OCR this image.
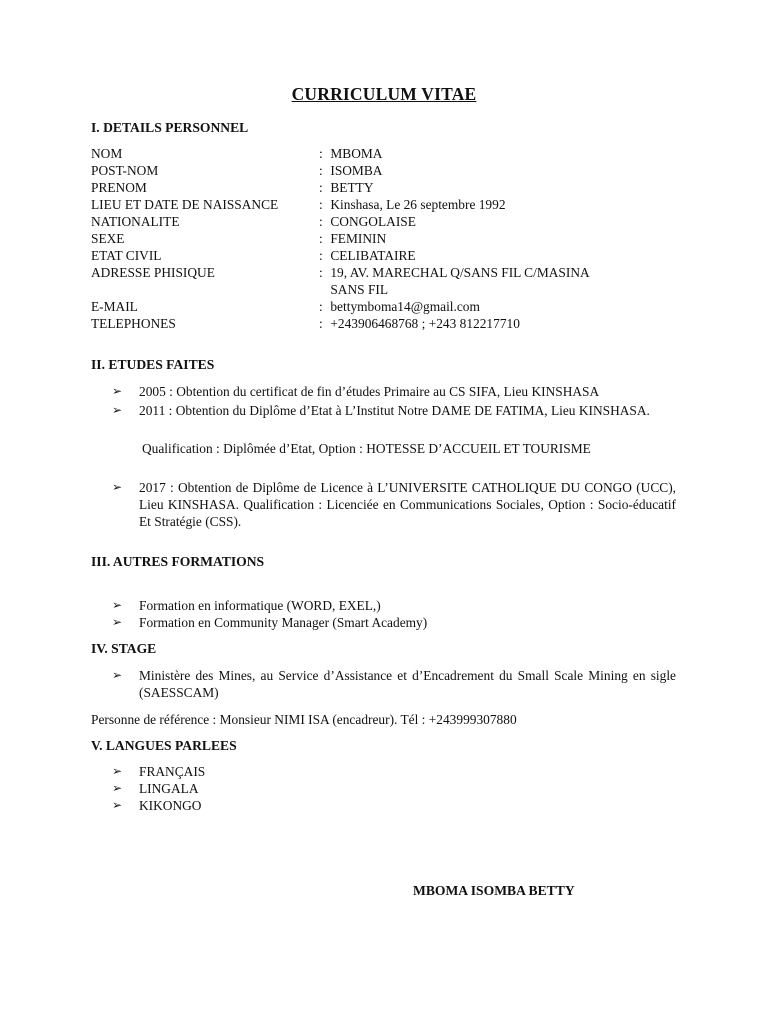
CURRICULUM VITAE
I. DETAILS PERSONNEL
NOM	: MBOMA
POST-NOM	: ISOMBA
PRENOM	: BETTY
LIEU ET DATE DE NAISSANCE	: Kinshasa, Le 26 septembre 1992
NATIONALITE	: CONGOLAISE
SEXE	: FEMININ
ETAT CIVIL	: CELIBATAIRE
ADRESSE PHISIQUE	: 19, AV. MARECHAL Q/SANS FIL C/MASINA
SANS FIL
E-MAIL	: bettymboma14@gmail.com
TELEPHONES	: +243906468768 ; +243 812217710
II. ETUDES FAITES
➢ 2005 : Obtention du certificat de fin d’études Primaire au CS SIFA, Lieu KINSHASA
➢ 2011 : Obtention du Diplôme d’Etat à L’Institut Notre DAME DE FATIMA, Lieu KINSHASA.
Qualification : Diplômée d’Etat, Option : HOTESSE D’ACCUEIL ET TOURISME
➢ 2017 : Obtention de Diplôme de Licence à L’UNIVERSITE CATHOLIQUE DU CONGO (UCC), Lieu KINSHASA. Qualification : Licenciée en Communications Sociales, Option : Socio-éducatif Et Stratégie (CSS).
III. AUTRES FORMATIONS
➢ Formation en informatique (WORD, EXEL,)
➢ Formation en Community Manager (Smart Academy)
IV. STAGE
➢ Ministère des Mines, au Service d’Assistance et d’Encadrement du Small Scale Mining en sigle (SAESSCAM)
Personne de référence : Monsieur NIMI ISA (encadreur). Tél : +243999307880
V. LANGUES PARLEES
➢ FRANÇAIS
➢ LINGALA
➢ KIKONGO
MBOMA ISOMBA BETTY
